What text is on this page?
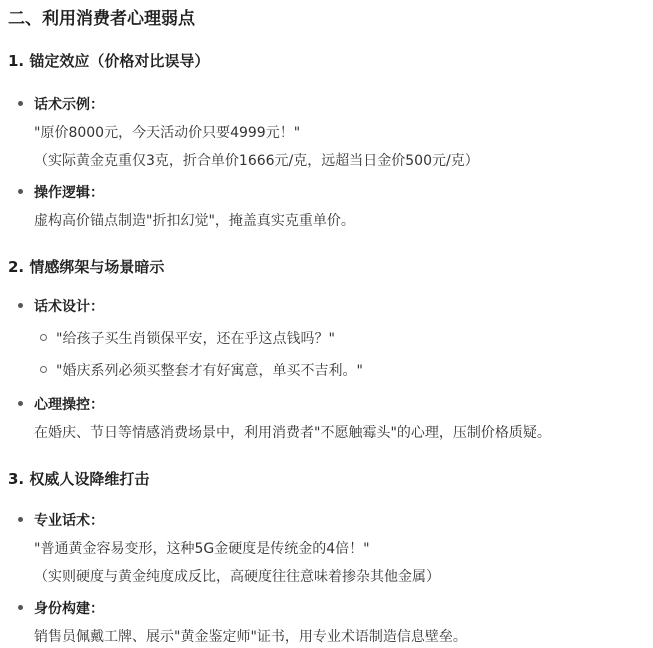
二、利用消费者心理弱点
1. 锚定效应（价格对比误导）
话术示例：
"原价8000元，今天活动价只要4999元！"
（实际黄金克重仅3克，折合单价1666元/克，远超当日金价500元/克）
操作逻辑：
虚构高价锚点制造"折扣幻觉"，掩盖真实克重单价。
2. 情感绑架与场景暗示
话术设计：
"给孩子买生肖锁保平安，还在乎这点钱吗？"
"婚庆系列必须买整套才有好寓意，单买不吉利。"
心理操控：
在婚庆、节日等情感消费场景中，利用消费者"不愿触霉头"的心理，压制价格质疑。
3. 权威人设降维打击
专业话术：
"普通黄金容易变形，这种5G金硬度是传统金的4倍！"
（实则硬度与黄金纯度成反比，高硬度往往意味着掺杂其他金属）
身份构建：
销售员佩戴工牌、展示"黄金鉴定师"证书，用专业术语制造信息壁垒。
